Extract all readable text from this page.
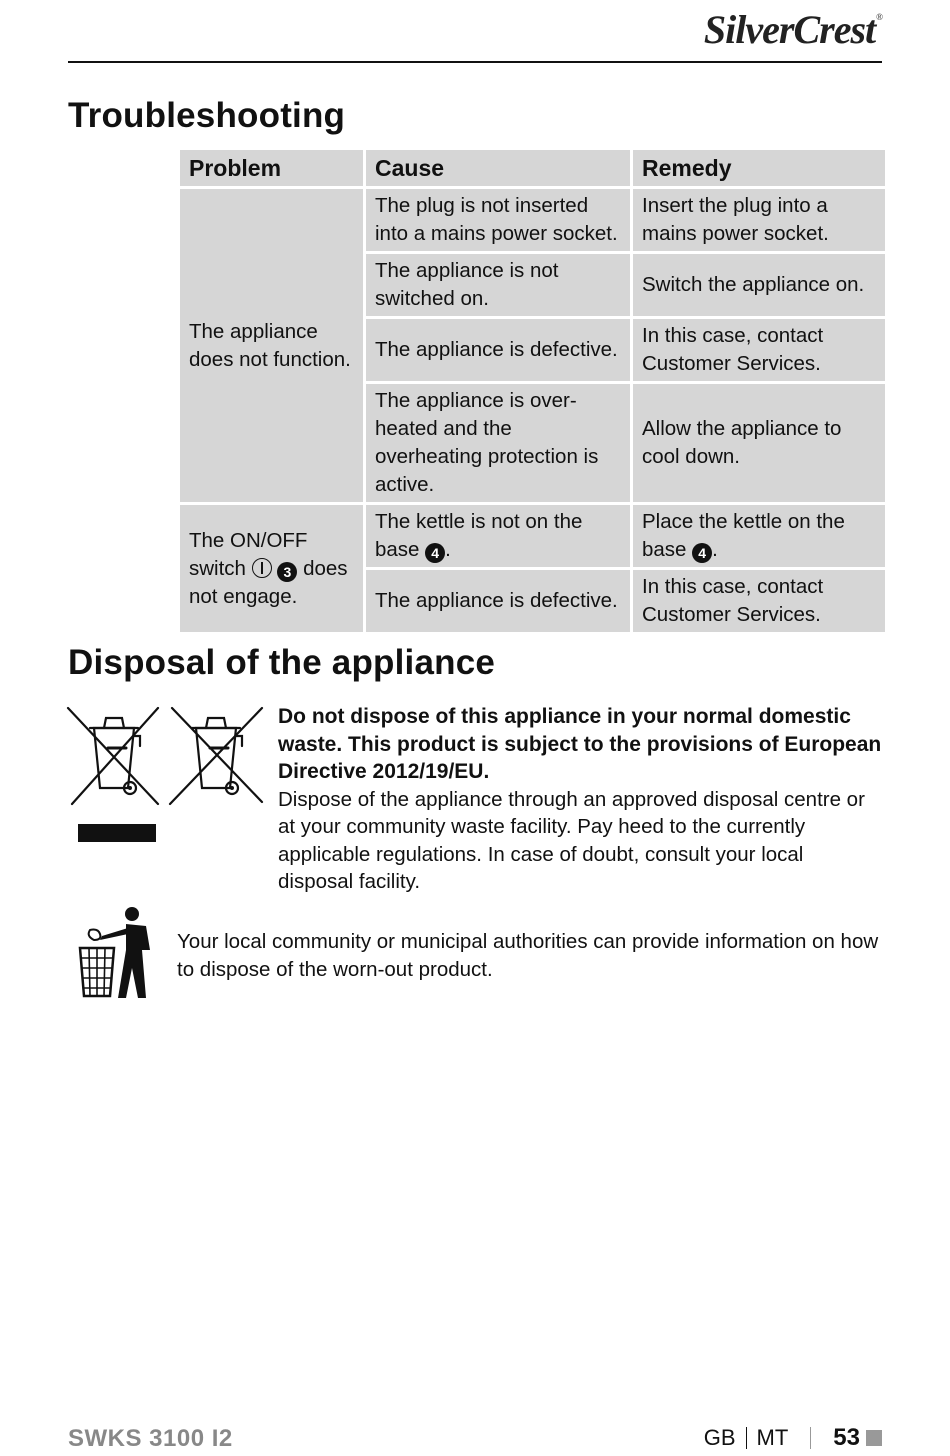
SilverCrest®
Troubleshooting
Problem	Cause	Remedy
The appliance does not function.	The plug is not inserted into a mains power socket.	Insert the plug into a mains power socket.
	The appliance is not switched on.	Switch the appliance on.
	The appliance is defective.	In this case, contact Customer Services.
	The appliance is over-heated and the overheating protection is active.	Allow the appliance to cool down.
The ON/OFF switch 3 does not engage.	The kettle is not on the base 4 .	Place the kettle on the base 4 .
	The appliance is defective.	In this case, contact Customer Services.
Disposal of the appliance
Do not dispose of this appliance in your normal domestic waste. This product is subject to the provisions of European Directive 2012/19/EU.
Dispose of the appliance through an approved disposal centre or at your community waste facility. Pay heed to the currently applicable regulations. In case of doubt, consult your local disposal facility.
Your local community or municipal authorities can provide information on how to dispose of the worn-out product.
SWKS 3100 I2	GB MT 53
